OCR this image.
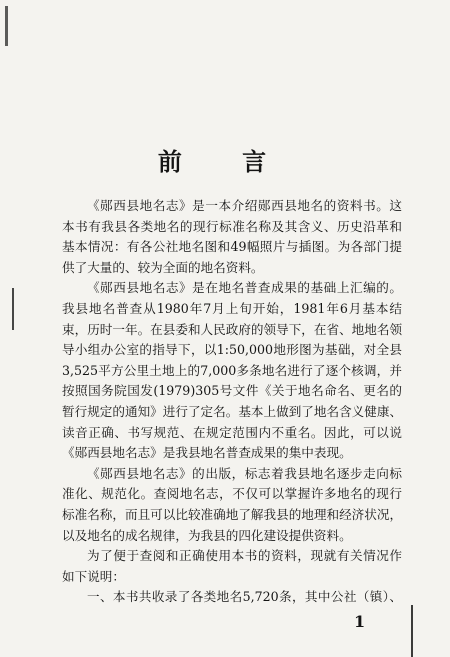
前 言
《郧西县地名志》是一本介绍郧西县地名的资料书。这
本书有我县各类地名的现行标准名称及其含义、历史沿革和
基本情况：有各公社地名图和49幅照片与插图。为各部门提
供了大量的、较为全面的地名资料。
《郧西县地名志》是在地名普查成果的基础上汇编的。
我县地名普查从1980年7月上旬开始，1981年6月基本结
束，历时一年。在县委和人民政府的领导下，在省、地地名领
导小组办公室的指导下，以1:50,000地形图为基础，对全县
3,525平方公里土地上的7,000多条地名进行了逐个核调，并
按照国务院国发(1979)305号文件《关于地名命名、更名的
暂行规定的通知》进行了定名。基本上做到了地名含义健康、
读音正确、书写规范、在规定范围内不重名。因此，可以说
《郧西县地名志》是我县地名普查成果的集中表现。
《郧西县地名志》的出版，标志着我县地名逐步走向标
准化、规范化。查阅地名志，不仅可以掌握许多地名的现行
标准名称，而且可以比较准确地了解我县的地理和经济状况，
以及地名的成名规律，为我县的四化建设提供资料。
为了便于查阅和正确使用本书的资料，现就有关情况作
如下说明：
一、本书共收录了各类地名5,720条，其中公社（镇）、
1
